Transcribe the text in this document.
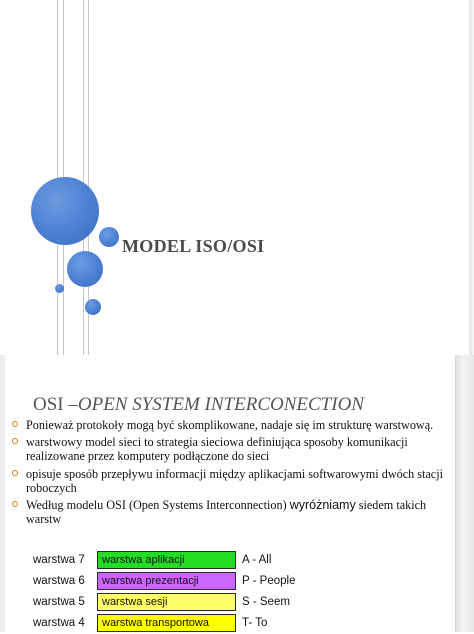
MODEL ISO/OSI
OSI –OPEN SYSTEM INTERCONECTION
Ponieważ protokoły mogą być skomplikowane, nadaje się im strukturę warstwową.
warstwowy model sieci to strategia sieciowa definiująca sposoby komunikacji realizowane przez komputery podłączone do sieci
opisuje sposób przepływu informacji między aplikacjami softwarowymi dwóch stacji roboczych
Według modelu OSI (Open Systems Interconnection) wyróżniamy siedem takich warstw
warstwa 7	warstwa aplikacji	A - All
warstwa 6	warstwa prezentacji	P - People
warstwa 5	warstwa sesji	S - Seem
warstwa 4	warstwa transportowa	T- To
